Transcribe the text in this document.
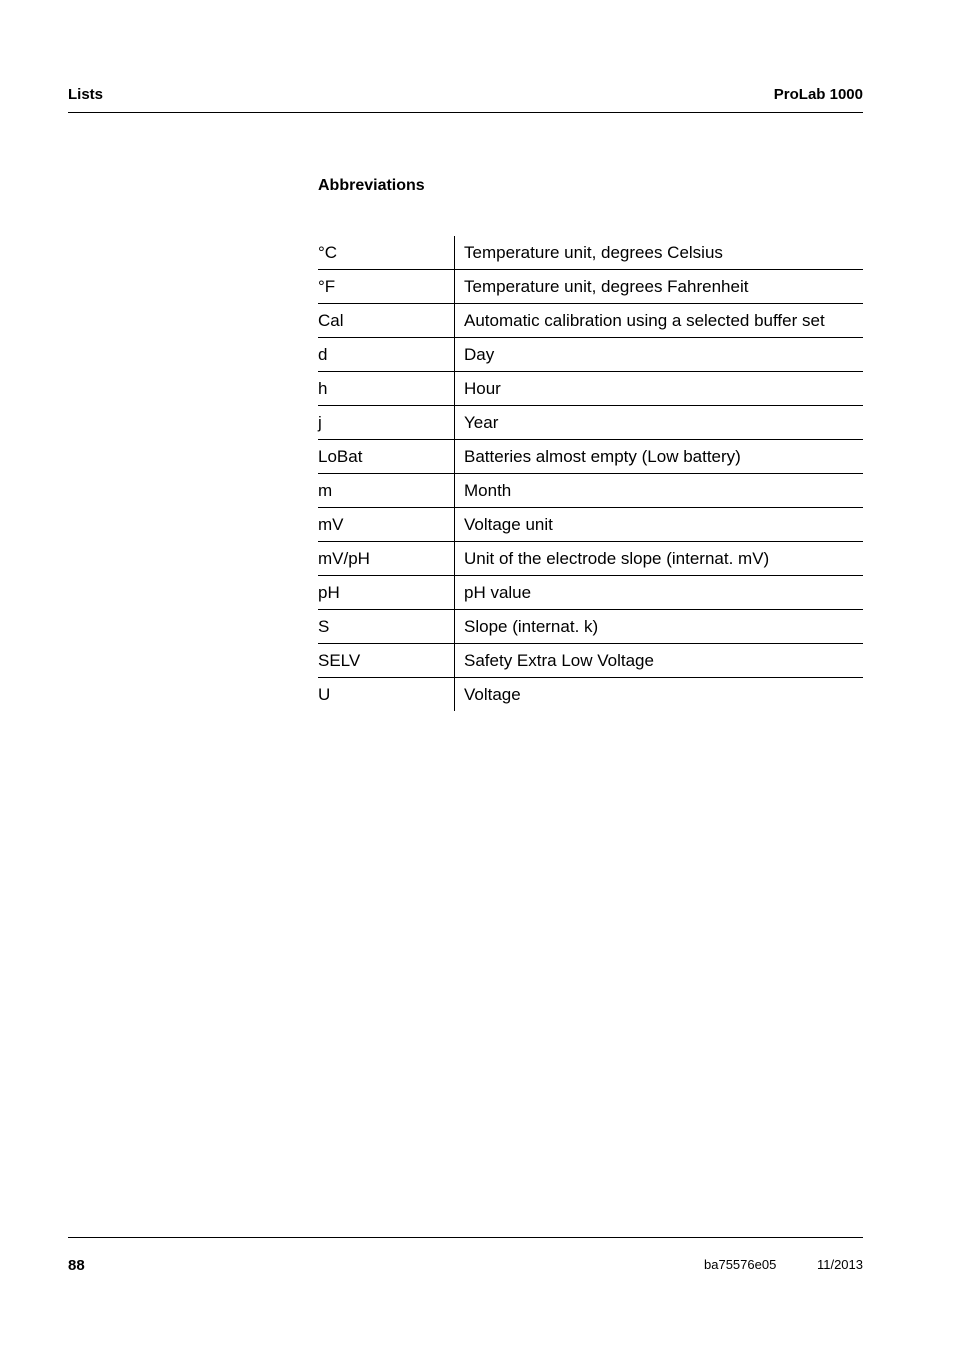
Lists	ProLab 1000
Abbreviations
°C	Temperature unit, degrees Celsius
°F	Temperature unit, degrees Fahrenheit
Cal	Automatic calibration using a selected buffer set
d	Day
h	Hour
j	Year
LoBat	Batteries almost empty (Low battery)
m	Month
mV	Voltage unit
mV/pH	Unit of the electrode slope (internat. mV)
pH	pH value
S	Slope (internat. k)
SELV	Safety Extra Low Voltage
U	Voltage
88	ba75576e05	11/2013
